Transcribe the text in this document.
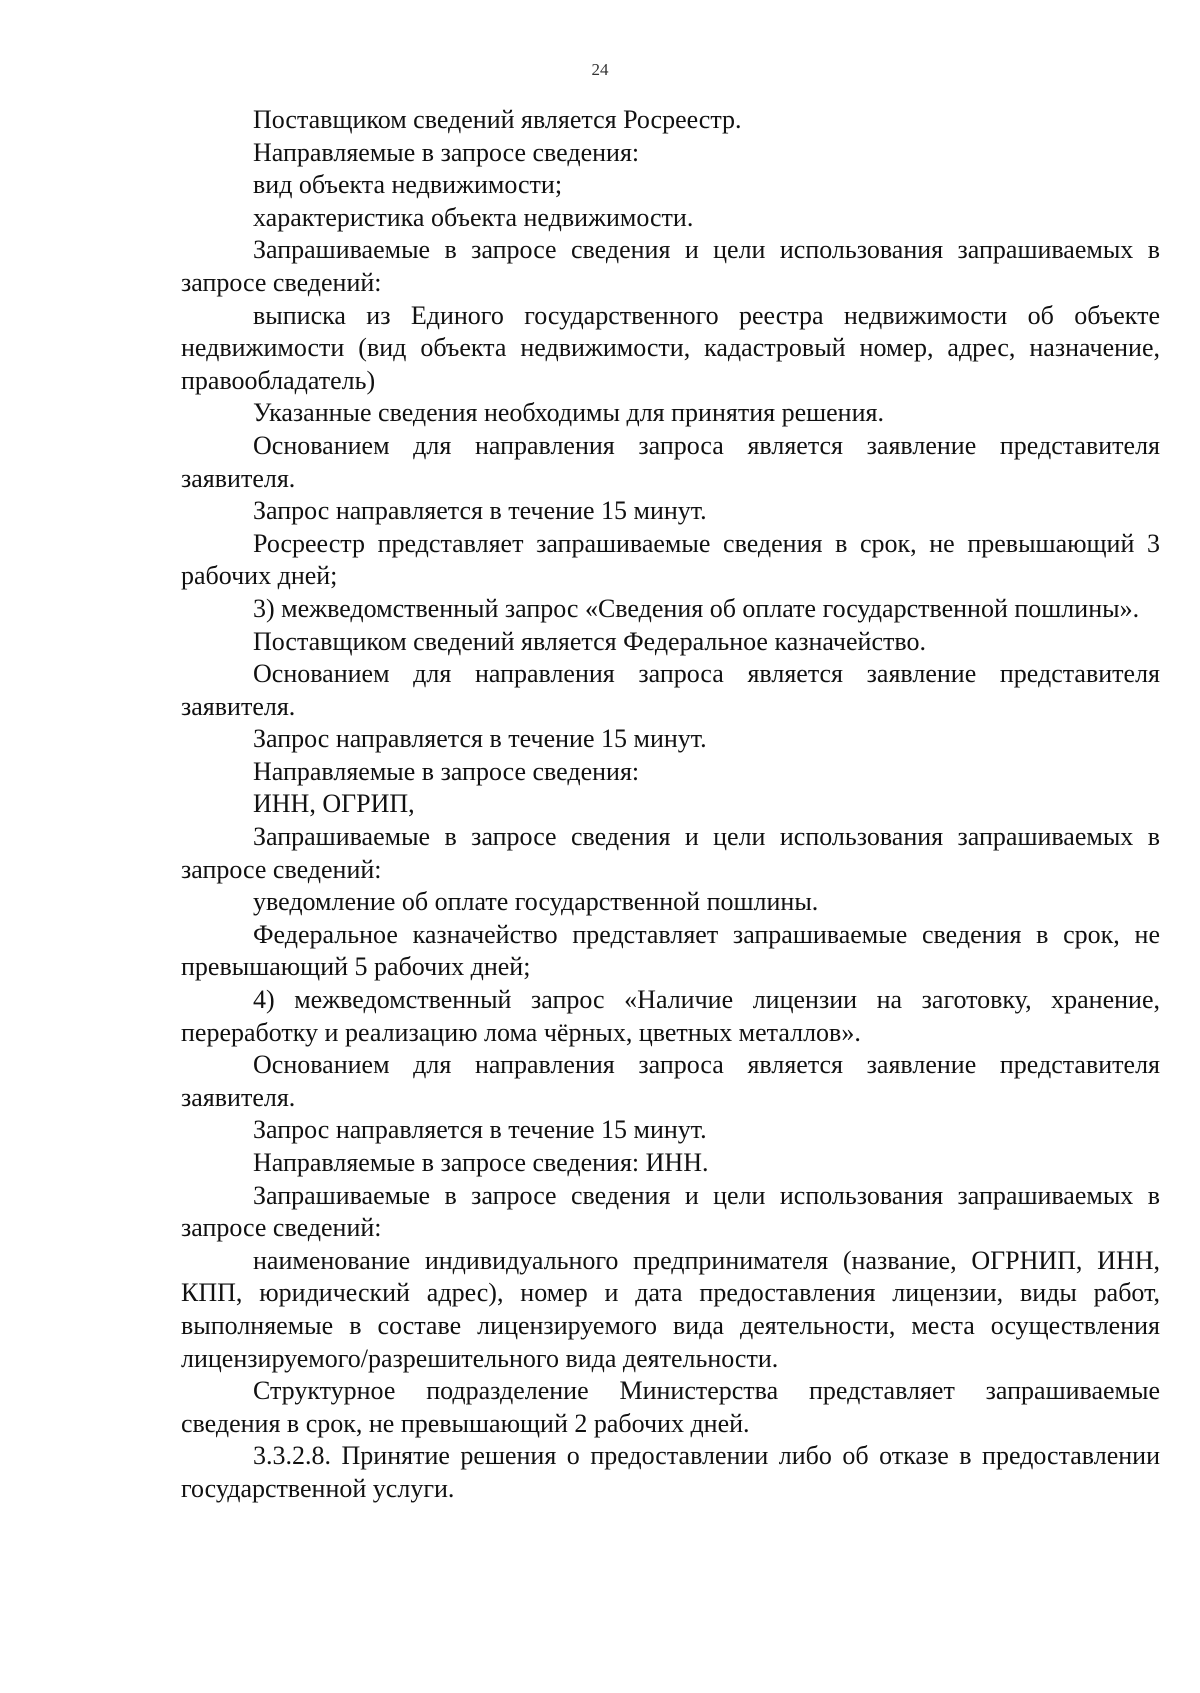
24

Поставщиком сведений является Росреестр.

Направляемые в запросе сведения:

вид объекта недвижимости;

характеристика объекта недвижимости.

Запрашиваемые в запросе сведения и цели использования запрашиваемых в запросе сведений:

выписка из Единого государственного реестра недвижимости об объекте недвижимости (вид объекта недвижимости, кадастровый номер, адрес, назначение, правообладатель)

Указанные сведения необходимы для принятия решения.

Основанием для направления запроса является заявление представителя заявителя.

Запрос направляется в течение 15 минут.

Росреестр представляет запрашиваемые сведения в срок, не превышающий 3 рабочих дней;

3) межведомственный запрос «Сведения об оплате государственной пошлины».

Поставщиком сведений является Федеральное казначейство.

Основанием для направления запроса является заявление представителя заявителя.

Запрос направляется в течение 15 минут.

Направляемые в запросе сведения:

ИНН, ОГРИП,

Запрашиваемые в запросе сведения и цели использования запрашиваемых в запросе сведений:

уведомление об оплате государственной пошлины.

Федеральное казначейство представляет запрашиваемые сведения в срок, не превышающий 5 рабочих дней;

4) межведомственный запрос «Наличие лицензии на заготовку, хранение, переработку и реализацию лома чёрных, цветных металлов».

Основанием для направления запроса является заявление представителя заявителя.

Запрос направляется в течение 15 минут.

Направляемые в запросе сведения: ИНН.

Запрашиваемые в запросе сведения и цели использования запрашиваемых в запросе сведений:

наименование индивидуального предпринимателя (название, ОГРНИП, ИНН, КПП, юридический адрес), номер и дата предоставления лицензии, виды работ, выполняемые в составе лицензируемого вида деятельности, места осуществления лицензируемого/разрешительного вида деятельности.

Структурное подразделение Министерства представляет запрашиваемые сведения в срок, не превышающий 2 рабочих дней.

3.3.2.8. Принятие решения о предоставлении либо об отказе в предоставлении государственной услуги.
